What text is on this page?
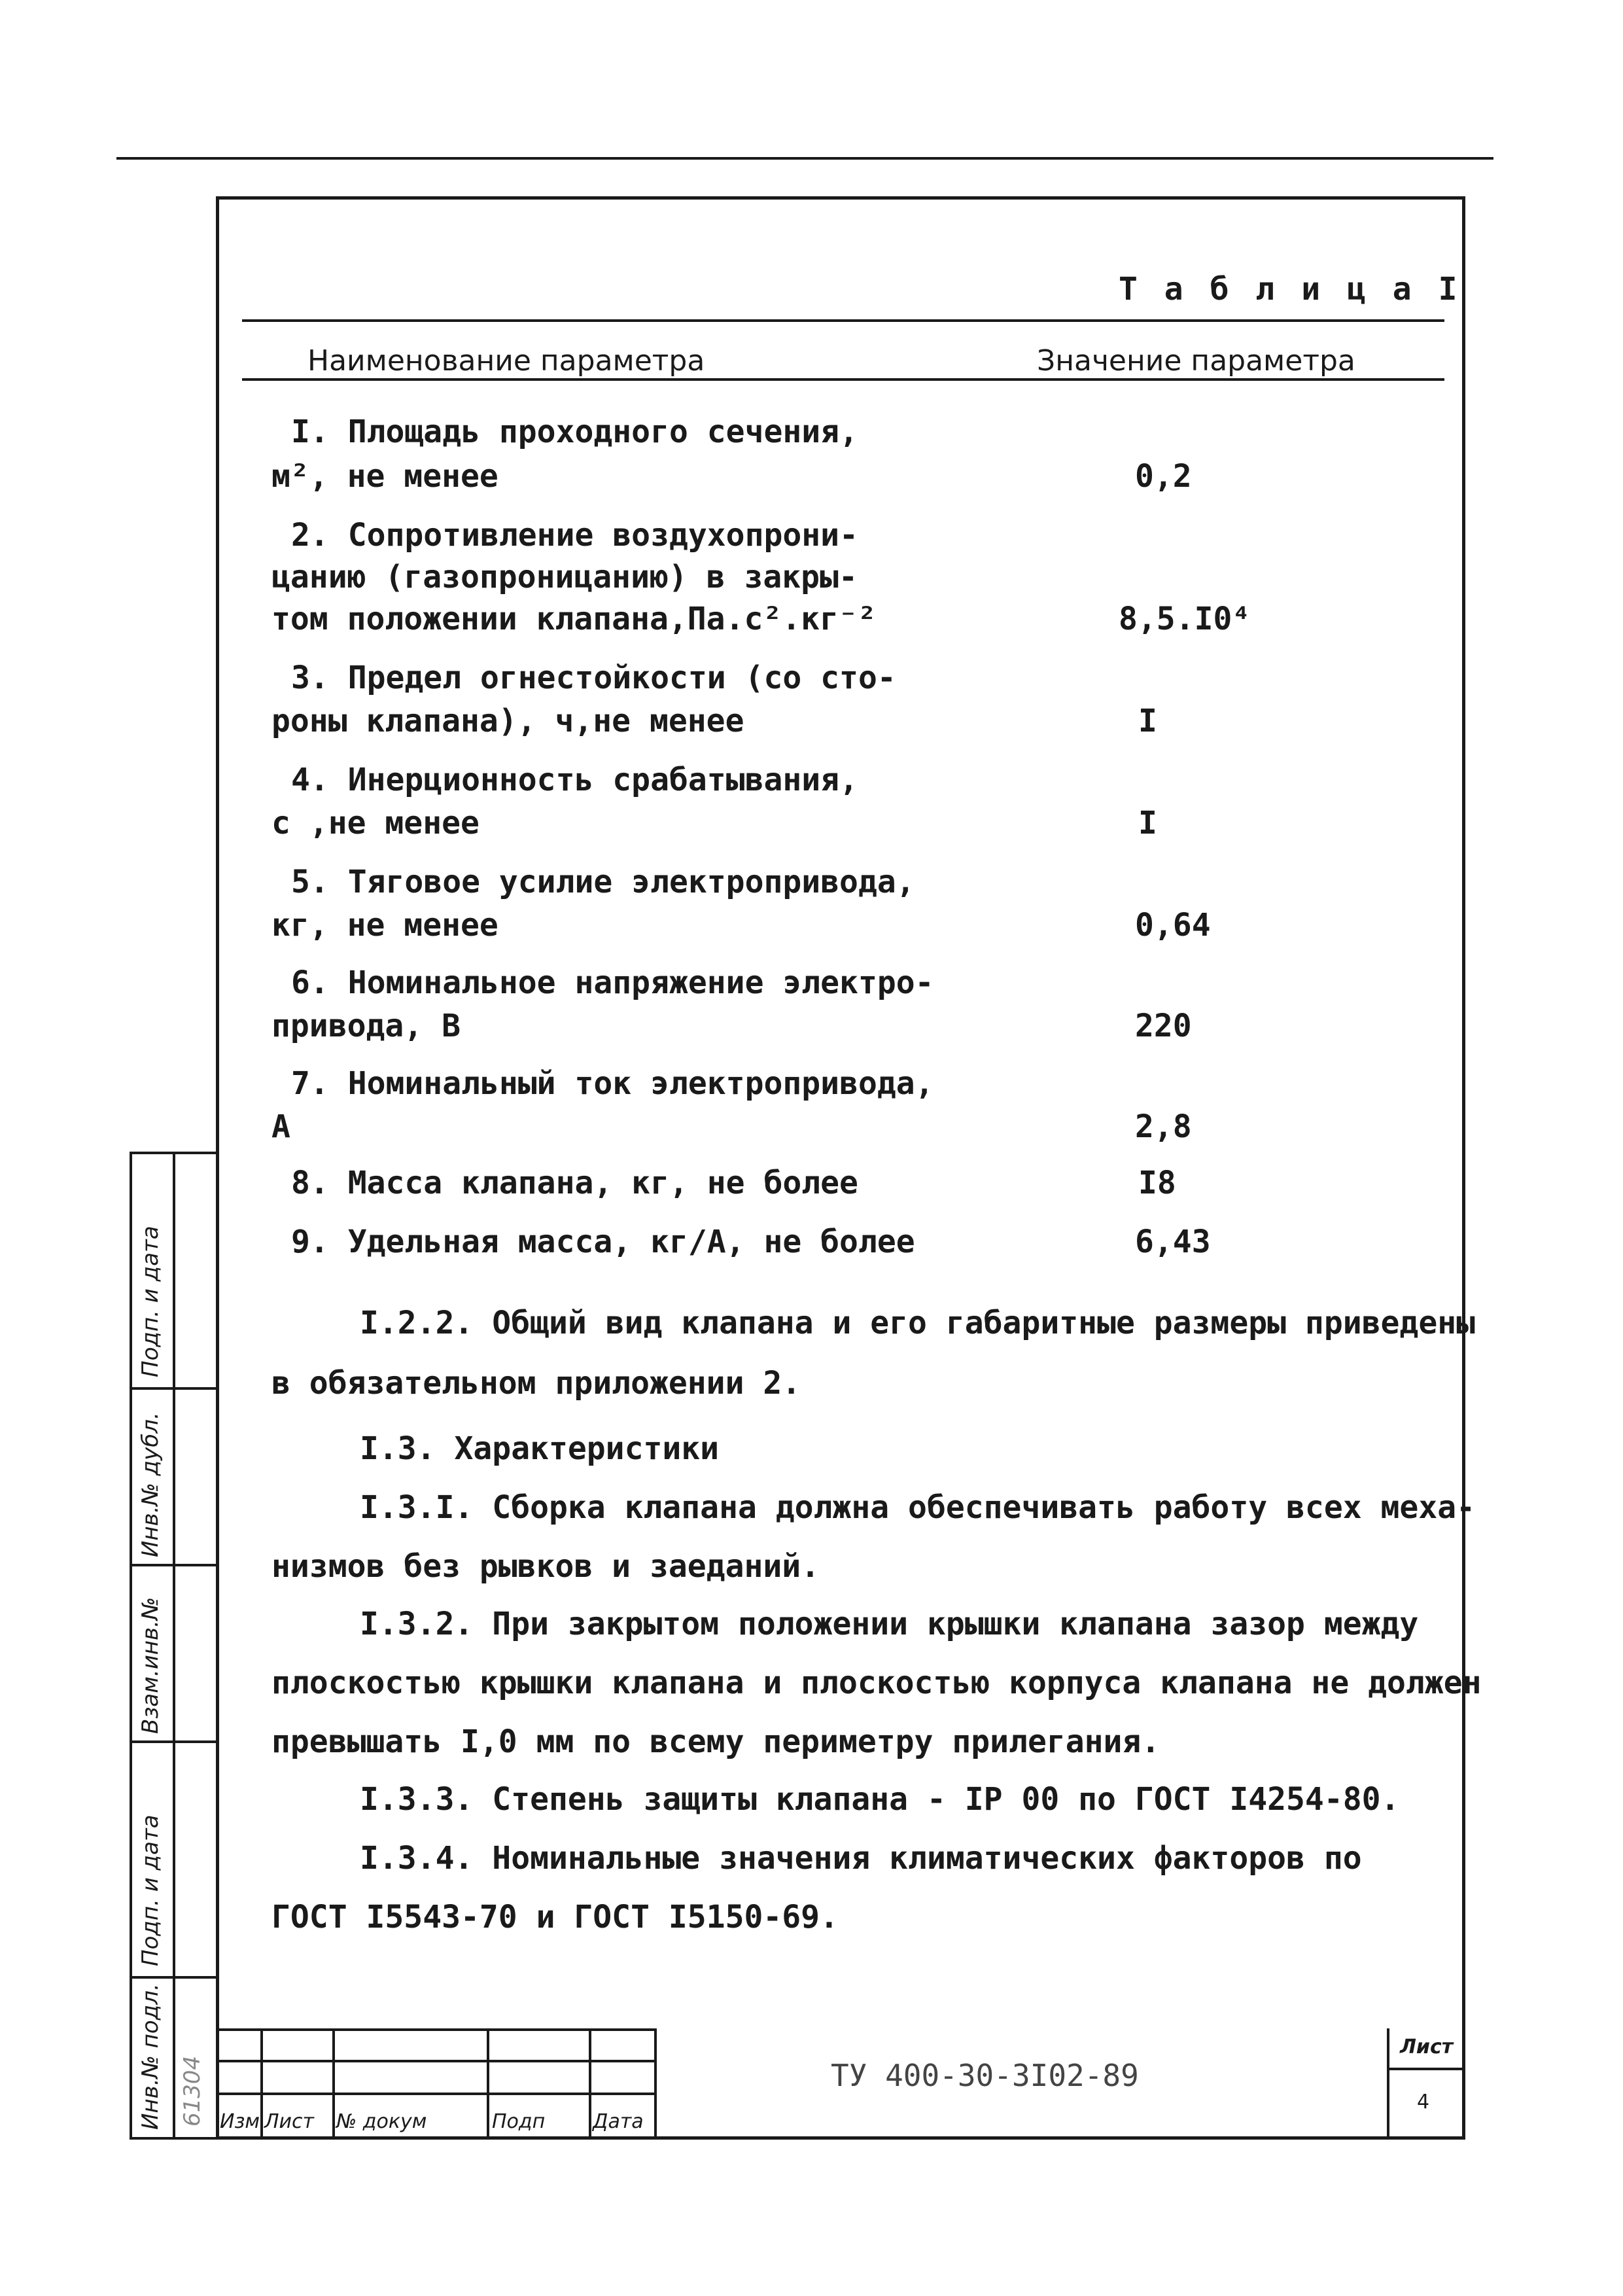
Т а б л и ц а I
Наименование параметра	Значение параметра
I. Площадь проходного сечения,
м², не менее	0,2
2. Сопротивление воздухопрони-
цанию (газопроницанию) в закры-
том положении клапана,Па.с².кг⁻²	8,5.I0⁴
3. Предел огнестойкости (со сто-
роны клапана), ч,не менее	I
4. Инерционность срабатывания,
с ,не менее	I
5. Тяговое усилие электропривода,
кг, не менее	0,64
6. Номинальное напряжение электро-
привода, В	220
7. Номинальный ток электропривода,
А	2,8
8. Масса клапана, кг, не более	I8
9. Удельная масса, кг/А, не более	6,43
I.2.2. Общий вид клапана и его габаритные размеры приведены
в обязательном приложении 2.
I.3. Характеристики
I.3.I. Сборка клапана должна обеспечивать работу всех меха-
низмов без рывков и заеданий.
I.3.2. При закрытом положении крышки клапана зазор между
плоскостью крышки клапана и плоскостью корпуса клапана не должен
превышать I,0 мм по всему периметру прилегания.
I.3.3. Степень защиты клапана - IP 00 по ГОСТ I4254-80.
I.3.4. Номинальные значения климатических факторов по
ГОСТ I5543-70 и ГОСТ I5150-69.
Подп. и дата
Инв.№ дубл.
Взам.инв.№
Подп. и дата
Инв.№ подл. 61304 Изм Лист № докум	Подп Дата
ТУ 400-30-3I02-89
Лист
4
